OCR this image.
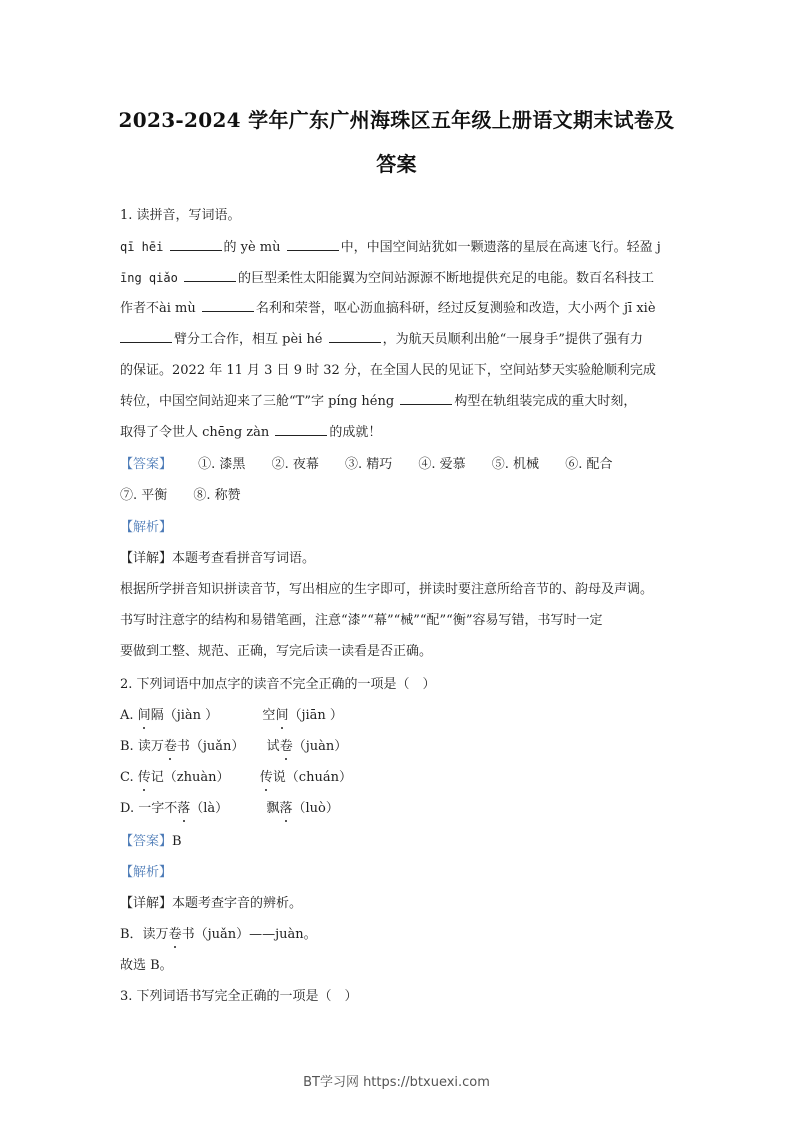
2023-2024 学年广东广州海珠区五年级上册语文期末试卷及
答案
1. 读拼音，写词语。
qī hēi	的 yè mù	中，中国空间站犹如一颗遗落的星辰在高速飞行。轻盈 j
īng qiǎo	的巨型柔性太阳能翼为空间站源源不断地提供充足的电能。数百名科技工
作者不ài mù	名利和荣誉，呕心沥血搞科研，经过反复测验和改造，大小两个 jī xiè
臂分工合作，相互 pèi hé	，为航天员顺利出舱“一展身手”提供了强有力
的保证。2022 年 11 月 3 日 9 时 32 分，在全国人民的见证下，空间站梦天实验舱顺利完成
转位，中国空间站迎来了三舱“T”字 píng héng	构型在轨组装完成的重大时刻，
取得了令世人 chēng zàn	的成就！
【答案】 ①. 漆黑 ②. 夜幕 ③. 精巧 ④. 爱慕 ⑤. 机械 ⑥. 配合
⑦. 平衡 ⑧. 称赞
【解析】
【详解】本题考查看拼音写词语。
根据所学拼音知识拼读音节，写出相应的生字即可，拼读时要注意所给音节的、韵母及声调。
书写时注意字的结构和易错笔画，注意“漆”“幕”“械”“配”“衡”容易写错，书写时一定
要做到工整、规范、正确，写完后读一读看是否正确。
2. 下列词语中加点字的读音不完全正确的一项是（　）
A. 间隔（jiàn ）	空间（jiān ）
B. 读万卷书（juǎn） 试卷（juàn）
C. 传记（zhuàn） 传说（chuán）
D. 一字不落（là）	飘落（luò）
【答案】B
【解析】
【详解】本题考查字音的辨析。
B．读万卷书（juǎn）——juàn。
故选 B。
3. 下列词语书写完全正确的一项是（　）
BT学习网 https://btxuexi.com
